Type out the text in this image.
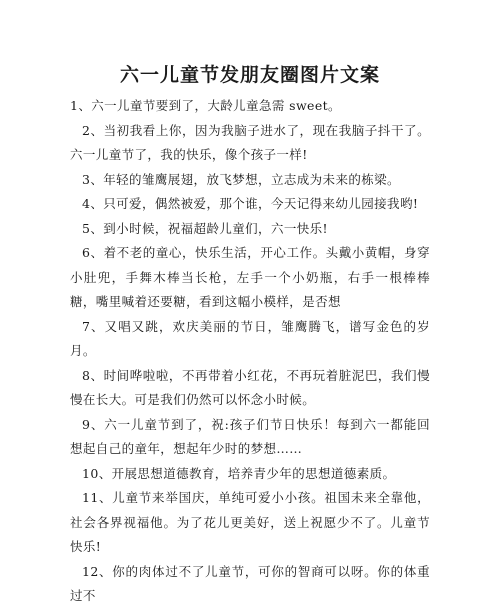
六一儿童节发朋友圈图片文案

1、六一儿童节要到了，大龄儿童急需 sweet。

2、当初我看上你，因为我脑子进水了，现在我脑子抖干了。六一儿童节了，我的快乐，像个孩子一样!

3、年轻的雏鹰展翅，放飞梦想，立志成为未来的栋梁。

4、只可爱，偶然被爱，那个谁，今天记得来幼儿园接我哟!

5、到小时候，祝福超龄儿童们，六一快乐!

6、着不老的童心，快乐生活，开心工作。头戴小黄帽，身穿小肚兜，手舞木棒当长枪，左手一个小奶瓶，右手一根棒棒糖，嘴里喊着还要糖，看到这幅小模样，是否想

7、又唱又跳，欢庆美丽的节日，雏鹰腾飞，谱写金色的岁月。

8、时间哗啦啦，不再带着小红花，不再玩着脏泥巴，我们慢慢在长大。可是我们仍然可以怀念小时候。

9、六一儿童节到了，祝:孩子们节日快乐！每到六一都能回想起自己的童年，想起年少时的梦想……

10、开展思想道德教育，培养青少年的思想道德素质。

11、儿童节来举国庆，单纯可爱小小孩。祖国未来全靠他，社会各界视福他。为了花儿更美好，送上祝愿少不了。儿童节快乐!

12、你的肉体过不了儿童节，可你的智商可以呀。你的体重过不
